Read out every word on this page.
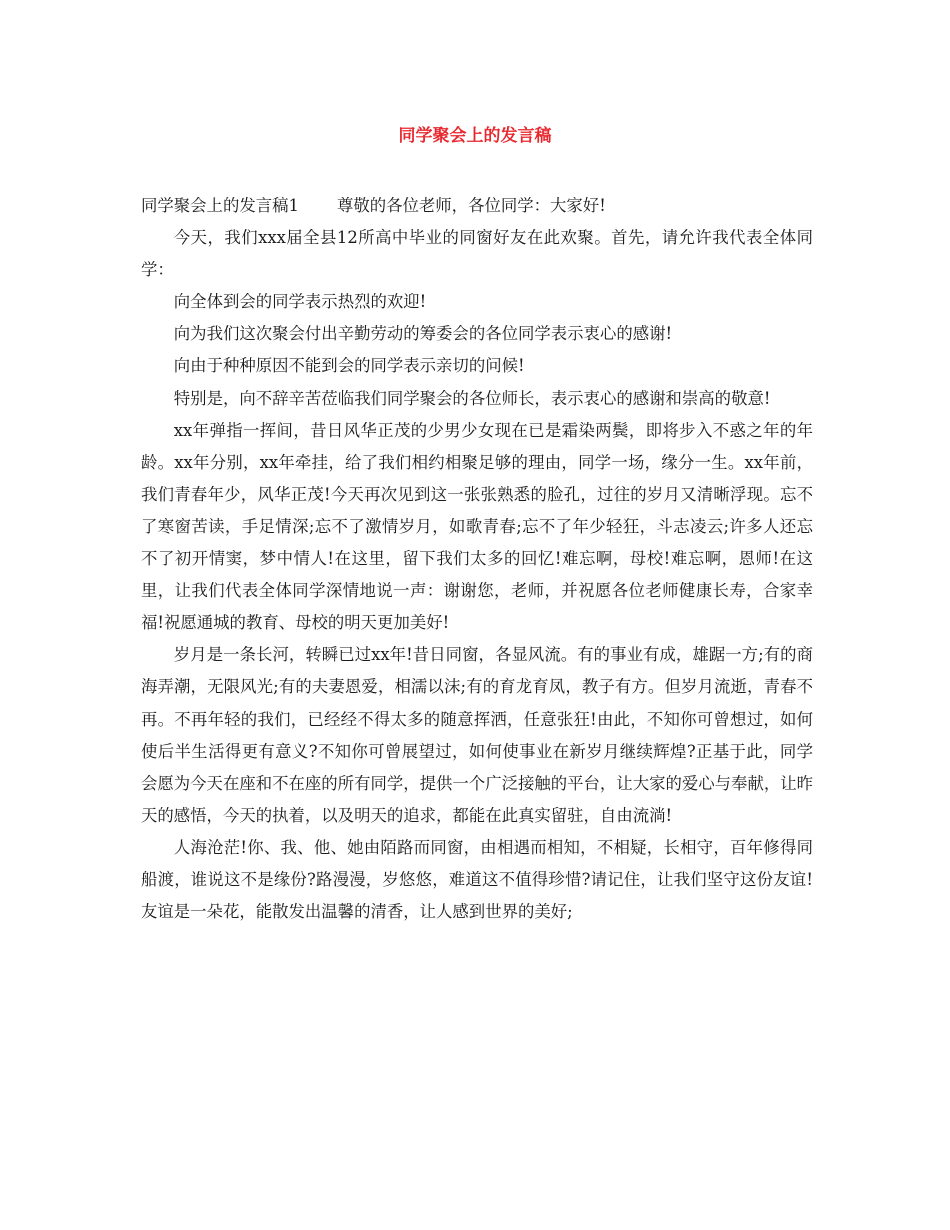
同学聚会上的发言稿

同学聚会上的发言稿1 尊敬的各位老师，各位同学：大家好!

今天，我们xxx届全县12所高中毕业的同窗好友在此欢聚。首先，请允许我代表全体同学：

向全体到会的同学表示热烈的欢迎!

向为我们这次聚会付出辛勤劳动的筹委会的各位同学表示衷心的感谢!

向由于种种原因不能到会的同学表示亲切的问候!

特别是，向不辞辛苦莅临我们同学聚会的各位师长，表示衷心的感谢和崇高的敬意!

xx年弹指一挥间，昔日风华正茂的少男少女现在已是霜染两鬓，即将步入不惑之年的年龄。xx年分别，xx年牵挂，给了我们相约相聚足够的理由，同学一场，缘分一生。xx年前，我们青春年少，风华正茂!今天再次见到这一张张熟悉的脸孔，过往的岁月又清晰浮现。忘不了寒窗苦读，手足情深;忘不了激情岁月，如歌青春;忘不了年少轻狂，斗志凌云;许多人还忘不了初开情窦，梦中情人!在这里，留下我们太多的回忆!难忘啊，母校!难忘啊，恩师!在这里，让我们代表全体同学深情地说一声：谢谢您，老师，并祝愿各位老师健康长寿，合家幸福!祝愿通城的教育、母校的明天更加美好!

岁月是一条长河，转瞬已过xx年!昔日同窗，各显风流。有的事业有成，雄踞一方;有的商海弄潮，无限风光;有的夫妻恩爱，相濡以沫;有的育龙育凤，教子有方。但岁月流逝，青春不再。不再年轻的我们，已经经不得太多的随意挥洒，任意张狂!由此，不知你可曾想过，如何使后半生活得更有意义?不知你可曾展望过，如何使事业在新岁月继续辉煌?正基于此，同学会愿为今天在座和不在座的所有同学，提供一个广泛接触的平台，让大家的爱心与奉献，让昨天的感悟，今天的执着，以及明天的追求，都能在此真实留驻，自由流淌!

人海沧茫!你、我、他、她由陌路而同窗，由相遇而相知，不相疑，长相守，百年修得同船渡，谁说这不是缘份?路漫漫，岁悠悠，难道这不值得珍惜?请记住，让我们坚守这份友谊!友谊是一朵花，能散发出温馨的清香，让人感到世界的美好;
